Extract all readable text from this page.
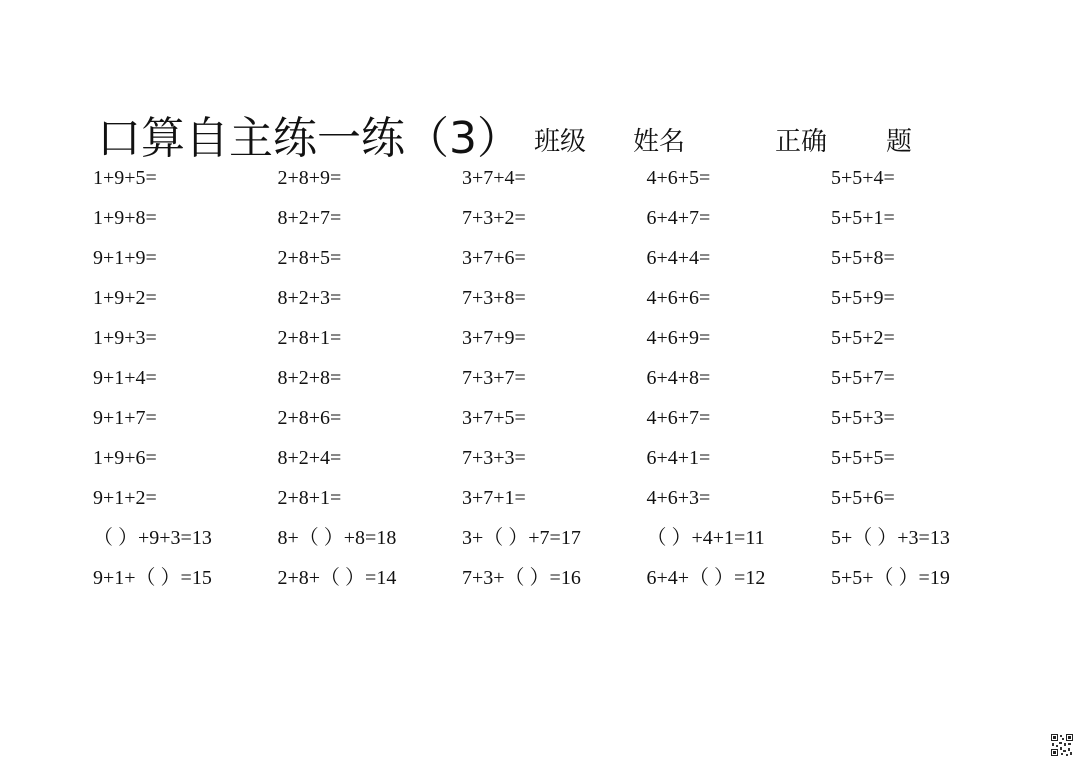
口算自主练一练（3） 班级 姓名	正确 题
1+9+5=	2+8+9=	3+7+4=	4+6+5=	5+5+4=
1+9+8=	8+2+7=	7+3+2=	6+4+7=	5+5+1=
9+1+9=	2+8+5=	3+7+6=	6+4+4=	5+5+8=
1+9+2=	8+2+3=	7+3+8=	4+6+6=	5+5+9=
1+9+3=	2+8+1=	3+7+9=	4+6+9=	5+5+2=
9+1+4=	8+2+8=	7+3+7=	6+4+8=	5+5+7=
9+1+7=	2+8+6=	3+7+5=	4+6+7=	5+5+3=
1+9+6=	8+2+4=	7+3+3=	6+4+1=	5+5+5=
9+1+2=	2+8+1=	3+7+1=	4+6+3=	5+5+6=
（ ）+9+3=13	8+（ ）+8=18	3+（ ）+7=17	（ ）+4+1=11	5+（ ）+3=13
9+1+（ ）=15	2+8+（ ）=14	7+3+（ ）=16	6+4+（ ）=12	5+5+（ ）=19
